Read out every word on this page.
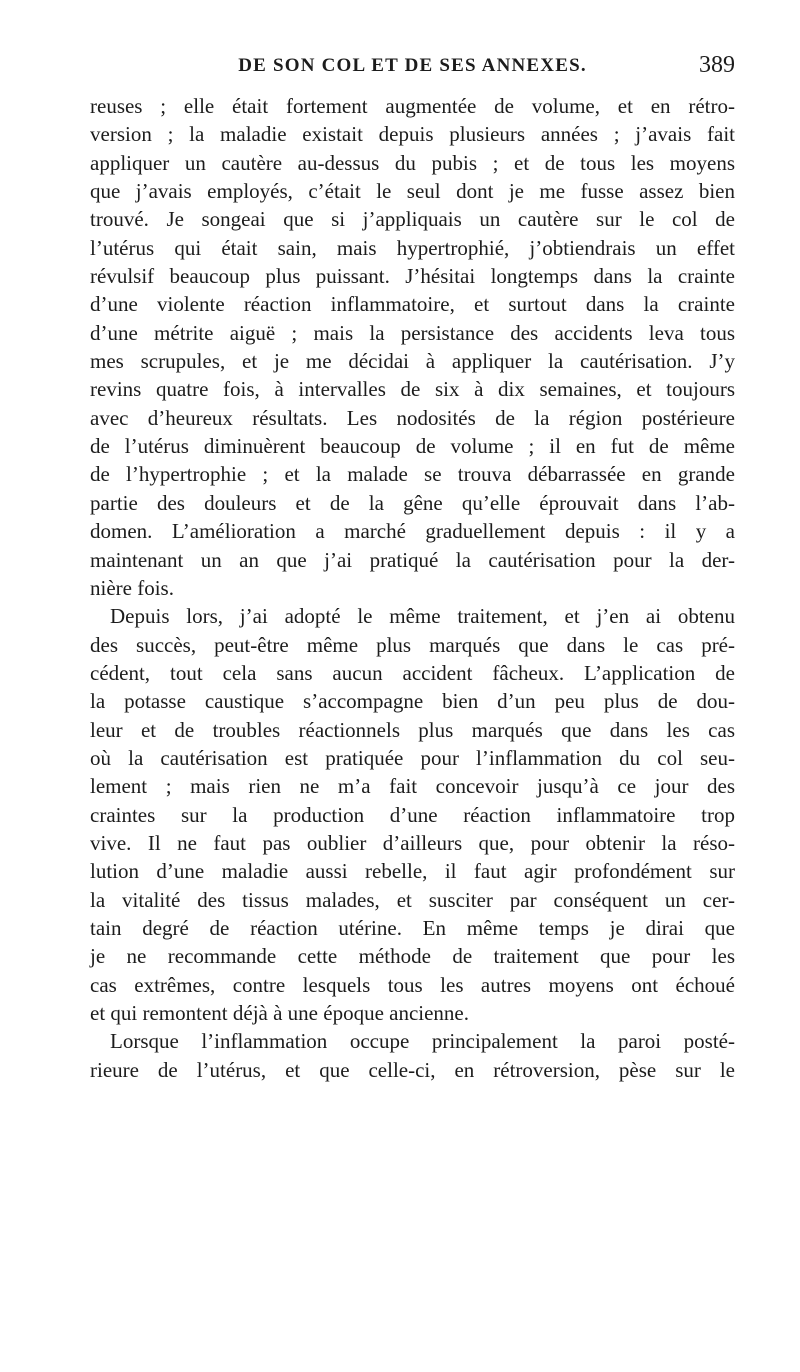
DE SON COL ET DE SES ANNEXES.	389
reuses ; elle était fortement augmentée de volume, et en rétro-
version ; la maladie existait depuis plusieurs années ; j’avais fait
appliquer un cautère au-dessus du pubis ; et de tous les moyens
que j’avais employés, c’était le seul dont je me fusse assez bien
trouvé. Je songeai que si j’appliquais un cautère sur le col de
l’utérus qui était sain, mais hypertrophié, j’obtiendrais un effet
révulsif beaucoup plus puissant. J’hésitai longtemps dans la crainte
d’une violente réaction inflammatoire, et surtout dans la crainte
d’une métrite aiguë ; mais la persistance des accidents leva tous
mes scrupules, et je me décidai à appliquer la cautérisation. J’y
revins quatre fois, à intervalles de six à dix semaines, et toujours
avec d’heureux résultats. Les nodosités de la région postérieure
de l’utérus diminuèrent beaucoup de volume ; il en fut de même
de l’hypertrophie ; et la malade se trouva débarrassée en grande
partie des douleurs et de la gêne qu’elle éprouvait dans l’ab-
domen. L’amélioration a marché graduellement depuis : il y a
maintenant un an que j’ai pratiqué la cautérisation pour la der-
nière fois.
Depuis lors, j’ai adopté le même traitement, et j’en ai obtenu
des succès, peut-être même plus marqués que dans le cas pré-
cédent, tout cela sans aucun accident fâcheux. L’application de
la potasse caustique s’accompagne bien d’un peu plus de dou-
leur et de troubles réactionnels plus marqués que dans les cas
où la cautérisation est pratiquée pour l’inflammation du col seu-
lement ; mais rien ne m’a fait concevoir jusqu’à ce jour des
craintes sur la production d’une réaction inflammatoire trop
vive. Il ne faut pas oublier d’ailleurs que, pour obtenir la réso-
lution d’une maladie aussi rebelle, il faut agir profondément sur
la vitalité des tissus malades, et susciter par conséquent un cer-
tain degré de réaction utérine. En même temps je dirai que
je ne recommande cette méthode de traitement que pour les
cas extrêmes, contre lesquels tous les autres moyens ont échoué
et qui remontent déjà à une époque ancienne.
Lorsque l’inflammation occupe principalement la paroi posté-
rieure de l’utérus, et que celle-ci, en rétroversion, pèse sur le
